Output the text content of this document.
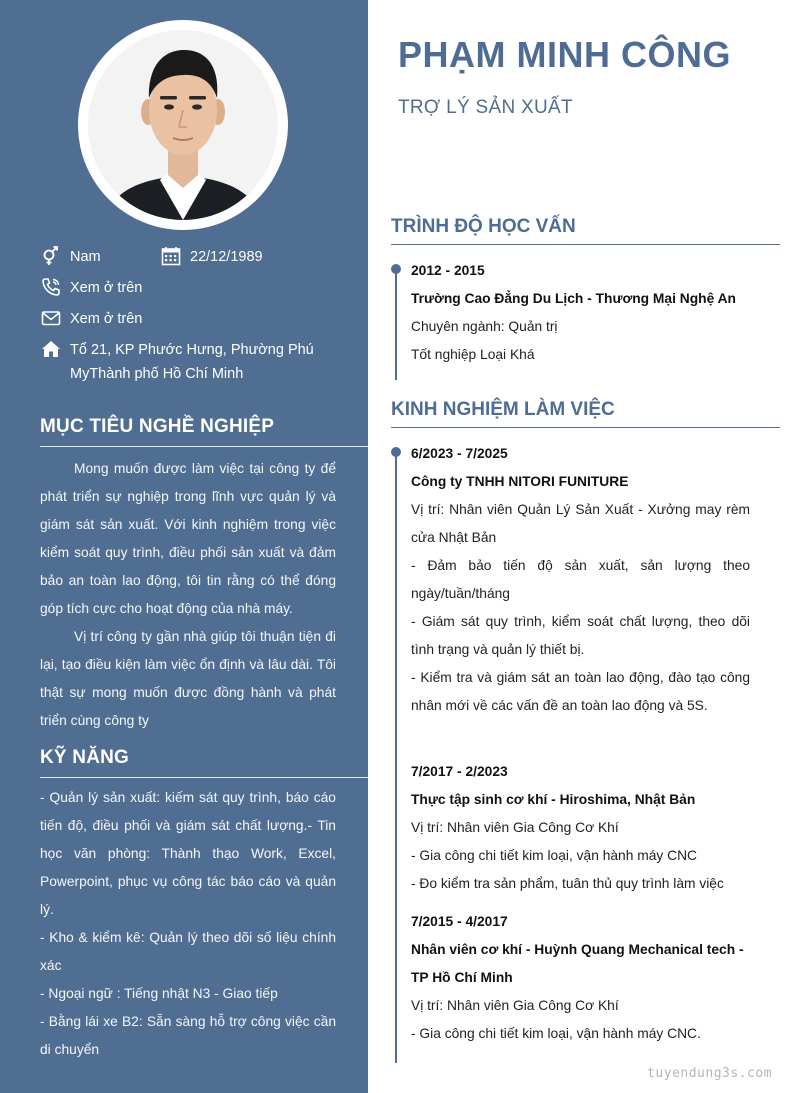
Nam	22/12/1989
Xem ở trên
Xem ở trên
Tổ 21, KP Phước Hưng, Phường Phú MyThành phố Hồ Chí Minh
MỤC TIÊU NGHỀ NGHIỆP

Mong muốn được làm việc tại công ty để phát triển sự nghiệp trong lĩnh vực quản lý và giám sát sản xuất. Với kinh nghiệm trong việc kiểm soát quy trình, điều phối sản xuất và đảm bảo an toàn lao động, tôi tin rằng có thể đóng góp tích cực cho hoạt động của nhà máy.

Vị trí công ty gần nhà giúp tôi thuận tiện đi lại, tạo điều kiện làm việc ổn định và lâu dài. Tôi thật sự mong muốn được đồng hành và phát triển cùng công ty

KỸ NĂNG

- Quản lý sản xuất: kiếm sát quy trình, báo cáo tiến độ, điều phối và giám sát chất lượng.- Tin học văn phòng: Thành thạo Work, Excel, Powerpoint, phục vụ công tác báo cáo và quản lý.

- Kho & kiểm kê: Quản lý theo dõi số liệu chính xác

- Ngoại ngữ : Tiếng nhật N3 - Giao tiếp

- Bằng lái xe B2: Sẵn sàng hỗ trợ công việc cần di chuyển

PHẠM MINH CÔNG
TRỢ LÝ SẢN XUẤT
TRÌNH ĐỘ HỌC VẤN
2012 - 2015
Trường Cao Đẳng Du Lịch - Thương Mại Nghệ An
Chuyên ngành: Quản trị
Tốt nghiệp Loại Khá
KINH NGHIỆM LÀM VIỆC
6/2023 - 7/2025
Công ty TNHH NITORI FUNITURE
Vị trí: Nhân viên Quản Lý Sản Xuất - Xưởng may rèm cửa Nhật Bản
- Đảm bảo tiến độ sản xuất, sản lượng theo ngày/tuần/tháng
- Giám sát quy trình, kiểm soát chất lượng, theo dõi tình trạng và quản lý thiết bị.
- Kiểm tra và giám sát an toàn lao động, đào tạo công nhân mới về các vấn đề an toàn lao động và 5S.
7/2017 - 2/2023
Thực tập sinh cơ khí - Hiroshima, Nhật Bản
Vị trí: Nhân viên Gia Công Cơ Khí
- Gia công chi tiết kim loại, vận hành máy CNC
- Đo kiểm tra sản phẩm, tuân thủ quy trình làm việc
7/2015 - 4/2017
Nhân viên cơ khí - Huỳnh Quang Mechanical tech -TP Hồ Chí Minh
Vị trí: Nhân viên Gia Công Cơ Khí
- Gia công chi tiết kim loại, vận hành máy CNC.
tuyendung3s.com
